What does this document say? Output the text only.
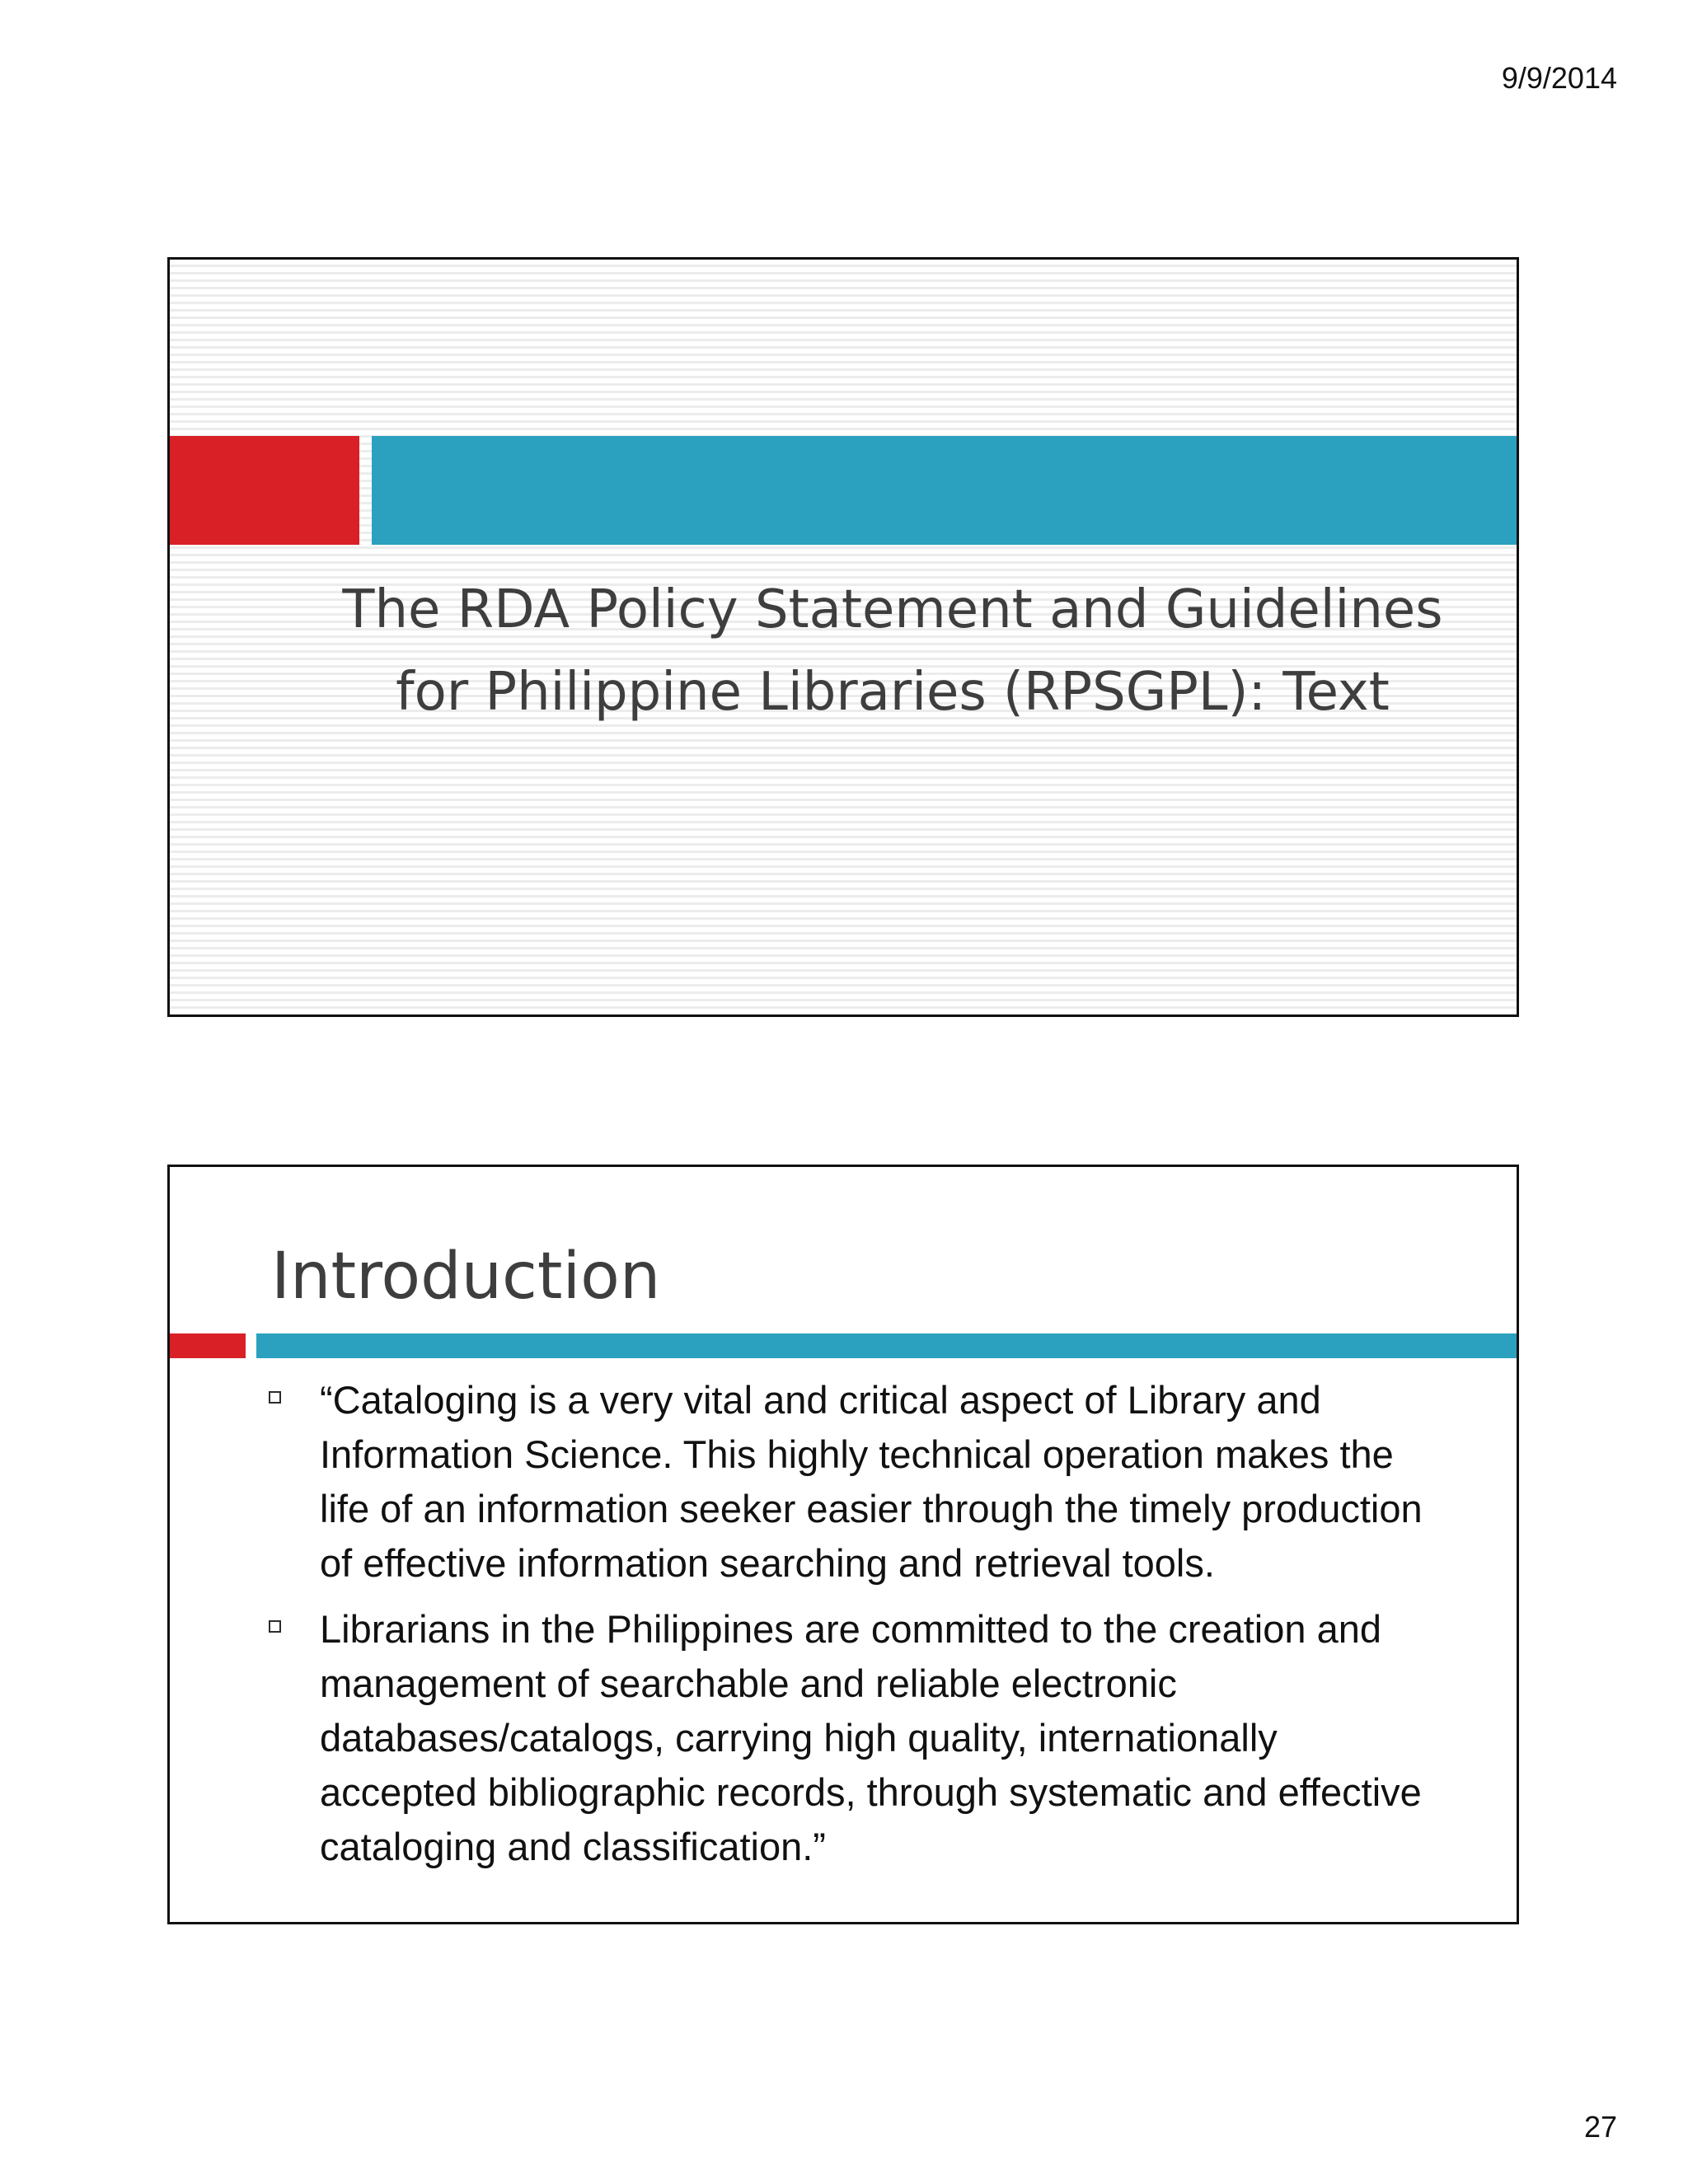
9/9/2014
The RDA Policy Statement and Guidelines for Philippine Libraries (RPSGPL): Text
Introduction
“Cataloging is a very vital and critical aspect of Library and Information Science. This highly technical operation makes the life of an information seeker easier through the timely production of effective information searching and retrieval tools.
Librarians in the Philippines are committed to the creation and management of searchable and reliable electronic databases/catalogs, carrying high quality, internationally accepted bibliographic records, through systematic and effective cataloging and classification.”
27
